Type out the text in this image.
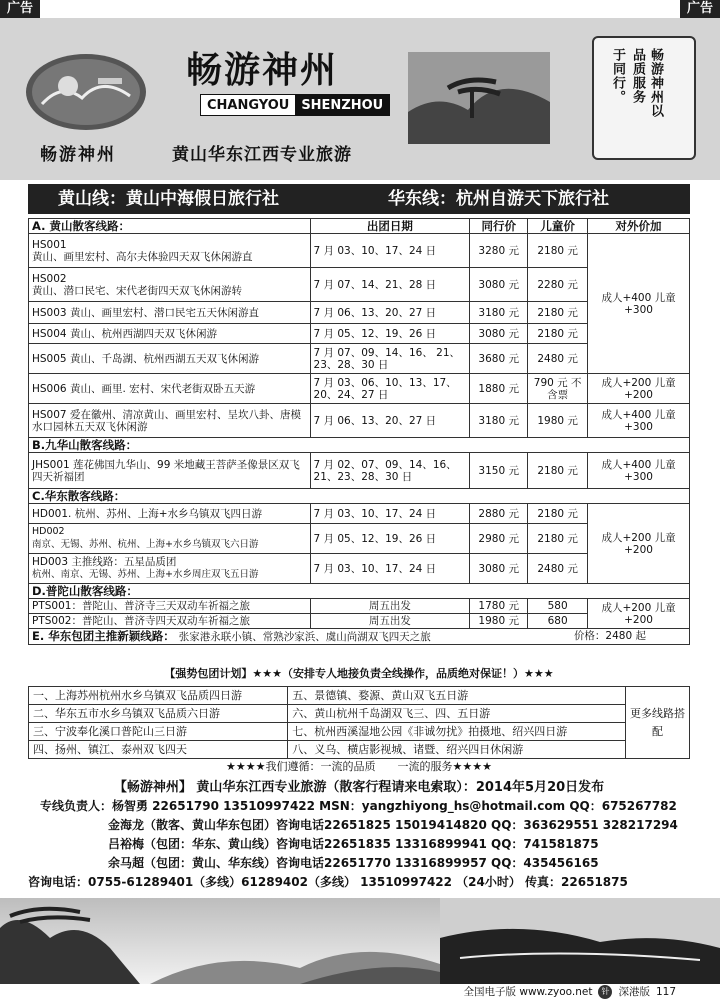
广告	广告
畅游神州
CHANGYOU SHENZHOU
畅游神州	黄山华东江西专业旅游
畅游神州以
品质服务
于同行。
黄山线：黄山中海假日旅行社	华东线：杭州自游天下旅行社
A. 黄山散客线路：	出团日期	同行价	儿童价	对外价加

HS001
黄山、画里宏村、高尔夫体验四天双飞休闲游直	7 月 03、10、17、24 日	3280 元	2180 元	成人+400 儿童+300

HS002
黄山、潜口民宅、宋代老街四天双飞休闲游转	7 月 07、14、21、28 日	3080 元	2280 元	
HS003 黄山、画里宏村、潜口民宅五天休闲游直	7 月 06、13、20、27 日	3180 元	2180 元	
HS004 黄山、杭州西湖四天双飞休闲游	7 月 05、12、19、26 日	3080 元	2180 元	
HS005 黄山、千岛湖、杭州西湖五天双飞休闲游	7 月 07、09、14、16、 21、23、28、30 日	3680 元	2480 元	
HS006 黄山、画里. 宏村、宋代老街双卧五天游	7 月 03、06、10、13、17、20、24、27 日	1880 元	790 元 不含票	成人+200 儿童+200
HS007 爱在徽州、清凉黄山、画里宏村、呈坎八卦、唐模水口园林五天双飞休闲游	7 月 06、13、20、27 日	3180 元	1980 元	成人+400 儿童+300
B.九华山散客线路：				
JHS001 莲花佛国九华山、99 米地藏王菩萨圣像景区双飞四天祈福团	7 月 02、07、09、14、16、21、23、28、30 日	3150 元	2180 元	成人+400 儿童+300
C.华东散客线路：				
HD001. 杭州、苏州、上海+水乡乌镇双飞四日游	7 月 03、10、17、24 日	2880 元	2180 元	成人+200 儿童+200

HD002
南京、无锡、苏州、杭州、上海+水乡乌镇双飞六日游	7 月 05、12、19、26 日	2980 元	2180 元	
HD003 主推线路：五星品质团
杭州、南京、无锡、苏州、上海+水乡周庄双飞五日游	7 月 03、10、17、24 日	3080 元	2480 元	
D.普陀山散客线路：				
PTS001：普陀山、普济寺三天双动车祈福之旅	周五出发	1780 元	580	成人+200 儿童+200
PTS002：普陀山、普济寺四天双动车祈福之旅	周五出发	1980 元	680	
E. 华东包团主推新颖线路： 张家港永联小镇、常熟沙家浜、虞山尚湖双飞四天之旅 价格：2480 起				
【强势包团计划】★★★（安排专人地接负责全线操作，品质绝对保证！）★★★
一、上海苏州杭州水乡乌镇双飞品质四日游	五、景德镇、婺源、黄山双飞五日游	更多线路搭配
二、华东五市水乡乌镇双飞品质六日游	六、黄山杭州千岛湖双飞三、四、五日游	
三、宁波奉化溪口普陀山三日游	七、杭州西溪湿地公园《非诚勿扰》拍摄地、绍兴四日游	
四、扬州、镇江、泰州双飞四天	八、义乌、横店影视城、诸暨、绍兴四日休闲游	
★★★★我们遵循：一流的品质　　一流的服务★★★★
【畅游神州】 黄山华东江西专业旅游（散客行程请来电索取）：2014年5月20日发布
专线负责人：杨智勇 22651790 13510997422 MSN：yangzhiyong_hs@hotmail.com QQ：675267782
金海龙（散客、黄山华东包团）咨询电话22651825 15019414820 QQ：363629551 328217294
吕裕梅（包团：华东、黄山线）咨询电话22651835 13316899941 QQ：741581875
余马超（包团：黄山、华东线）咨询电话22651770 13316899957 QQ：435456165
咨询电话：0755-61289401（多线）61289402（多线） 13510997422 （24小时） 传真：22651875
全国电子版 www.zyoo.net	针 深港版 117
